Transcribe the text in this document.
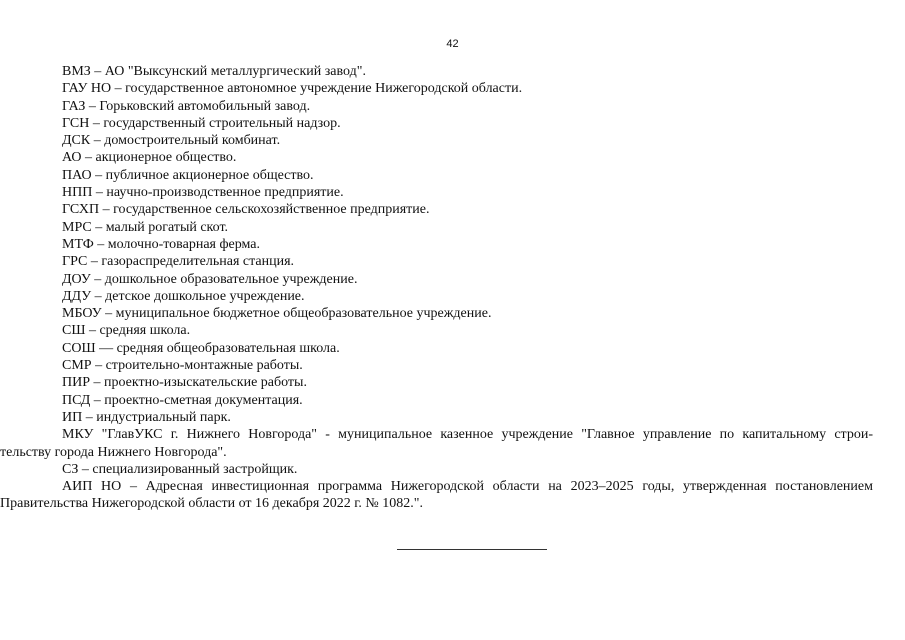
42

ВМЗ – АО "Выксунский металлургический завод".

ГАУ НО – государственное автономное учреждение Нижегородской области.

ГАЗ – Горьковский автомобильный завод.

ГСН – государственный строительный надзор.

ДСК – домостроительный комбинат.

АО – акционерное общество.

ПАО – публичное акционерное общество.

НПП – научно-производственное предприятие.

ГСХП – государственное сельскохозяйственное предприятие.

МРС – малый рогатый скот.

МТФ – молочно-товарная ферма.

ГРС – газораспределительная станция.

ДОУ – дошкольное образовательное учреждение.

ДДУ – детское дошкольное учреждение.

МБОУ – муниципальное бюджетное общеобразовательное учреждение.

СШ – средняя школа.

СОШ — средняя общеобразовательная школа.

СМР – строительно-монтажные работы.

ПИР – проектно-изыскательские работы.

ПСД – проектно-сметная документация.

ИП – индустриальный парк.

МКУ "ГлавУКС г. Нижнего Новгорода" - муниципальное казенное учреждение "Главное управление по капитальному строи-
тельству города Нижнего Новгорода".

СЗ – специализированный застройщик.

АИП НО – Адресная инвестиционная программа Нижегородской области на 2023–2025 годы, утвержденная постановлением
Правительства Нижегородской области от 16 декабря 2022 г. № 1082.".
